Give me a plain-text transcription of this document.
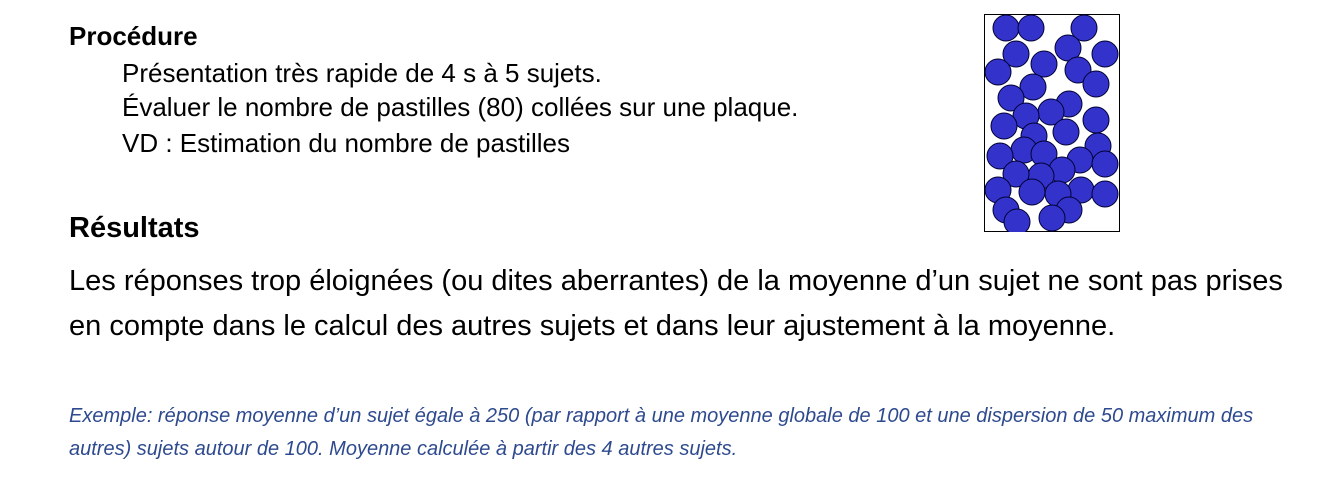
Procédure
Présentation très rapide de 4 s à 5 sujets.
Évaluer le nombre de pastilles (80) collées sur une plaque.
VD : Estimation du nombre de pastilles
Résultats
Les réponses trop éloignées (ou dites aberrantes) de la moyenne d’un sujet ne sont pas prises en compte dans le calcul des autres sujets et dans leur ajustement à la moyenne.
Exemple: réponse moyenne d’un sujet égale à 250 (par rapport à une moyenne globale de 100 et une dispersion de 50 maximum des autres) sujets autour de 100. Moyenne calculée à partir des 4 autres sujets.
